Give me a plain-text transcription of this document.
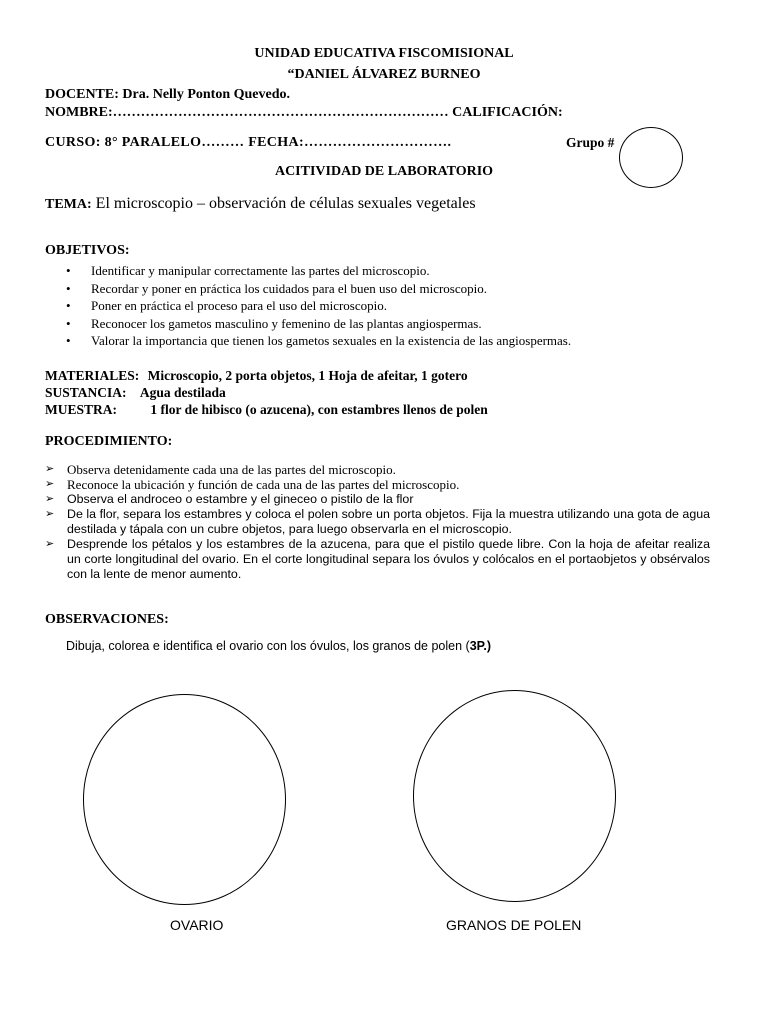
UNIDAD EDUCATIVA FISCOMISIONAL
“DANIEL ÁLVAREZ BURNEO
DOCENTE: Dra. Nelly Ponton Quevedo.
NOMBRE:……………………………………………………………… CALIFICACIÓN:
CURSO: 8° PARALELO……… FECHA:………………………….	Grupo #
ACITIVIDAD DE LABORATORIO
TEMA: El microscopio – observación de células sexuales vegetales
OBJETIVOS:
• Identificar y manipular correctamente las partes del microscopio.
• Recordar y poner en práctica los cuidados para el buen uso del microscopio.
• Poner en práctica el proceso para el uso del microscopio.
• Reconocer los gametos masculino y femenino de las plantas angiospermas.
• Valorar la importancia que tienen los gametos sexuales en la existencia de las angiospermas.
MATERIALES: Microscopio, 2 porta objetos, 1 Hoja de afeitar, 1 gotero
SUSTANCIA: Agua destilada
MUESTRA: 1 flor de hibisco (o azucena), con estambres llenos de polen
PROCEDIMIENTO:
➢ Observa detenidamente cada una de las partes del microscopio.
➢ Reconoce la ubicación y función de cada una de las partes del microscopio.
➢ Observa el androceo o estambre y el gineceo o pistilo de la flor
➢ De la flor, separa los estambres y coloca el polen sobre un porta objetos. Fija la muestra utilizando una gota de agua destilada y tápala con un cubre objetos, para luego observarla en el microscopio.
➢ Desprende los pétalos y los estambres de la azucena, para que el pistilo quede libre. Con la hoja de afeitar realiza un corte longitudinal del ovario. En el corte longitudinal separa los óvulos y colócalos en el portaobjetos y obsérvalos con la lente de menor aumento.
OBSERVACIONES:
Dibuja, colorea e identifica el ovario con los óvulos, los granos de polen (3P.)
OVARIO	GRANOS DE POLEN
